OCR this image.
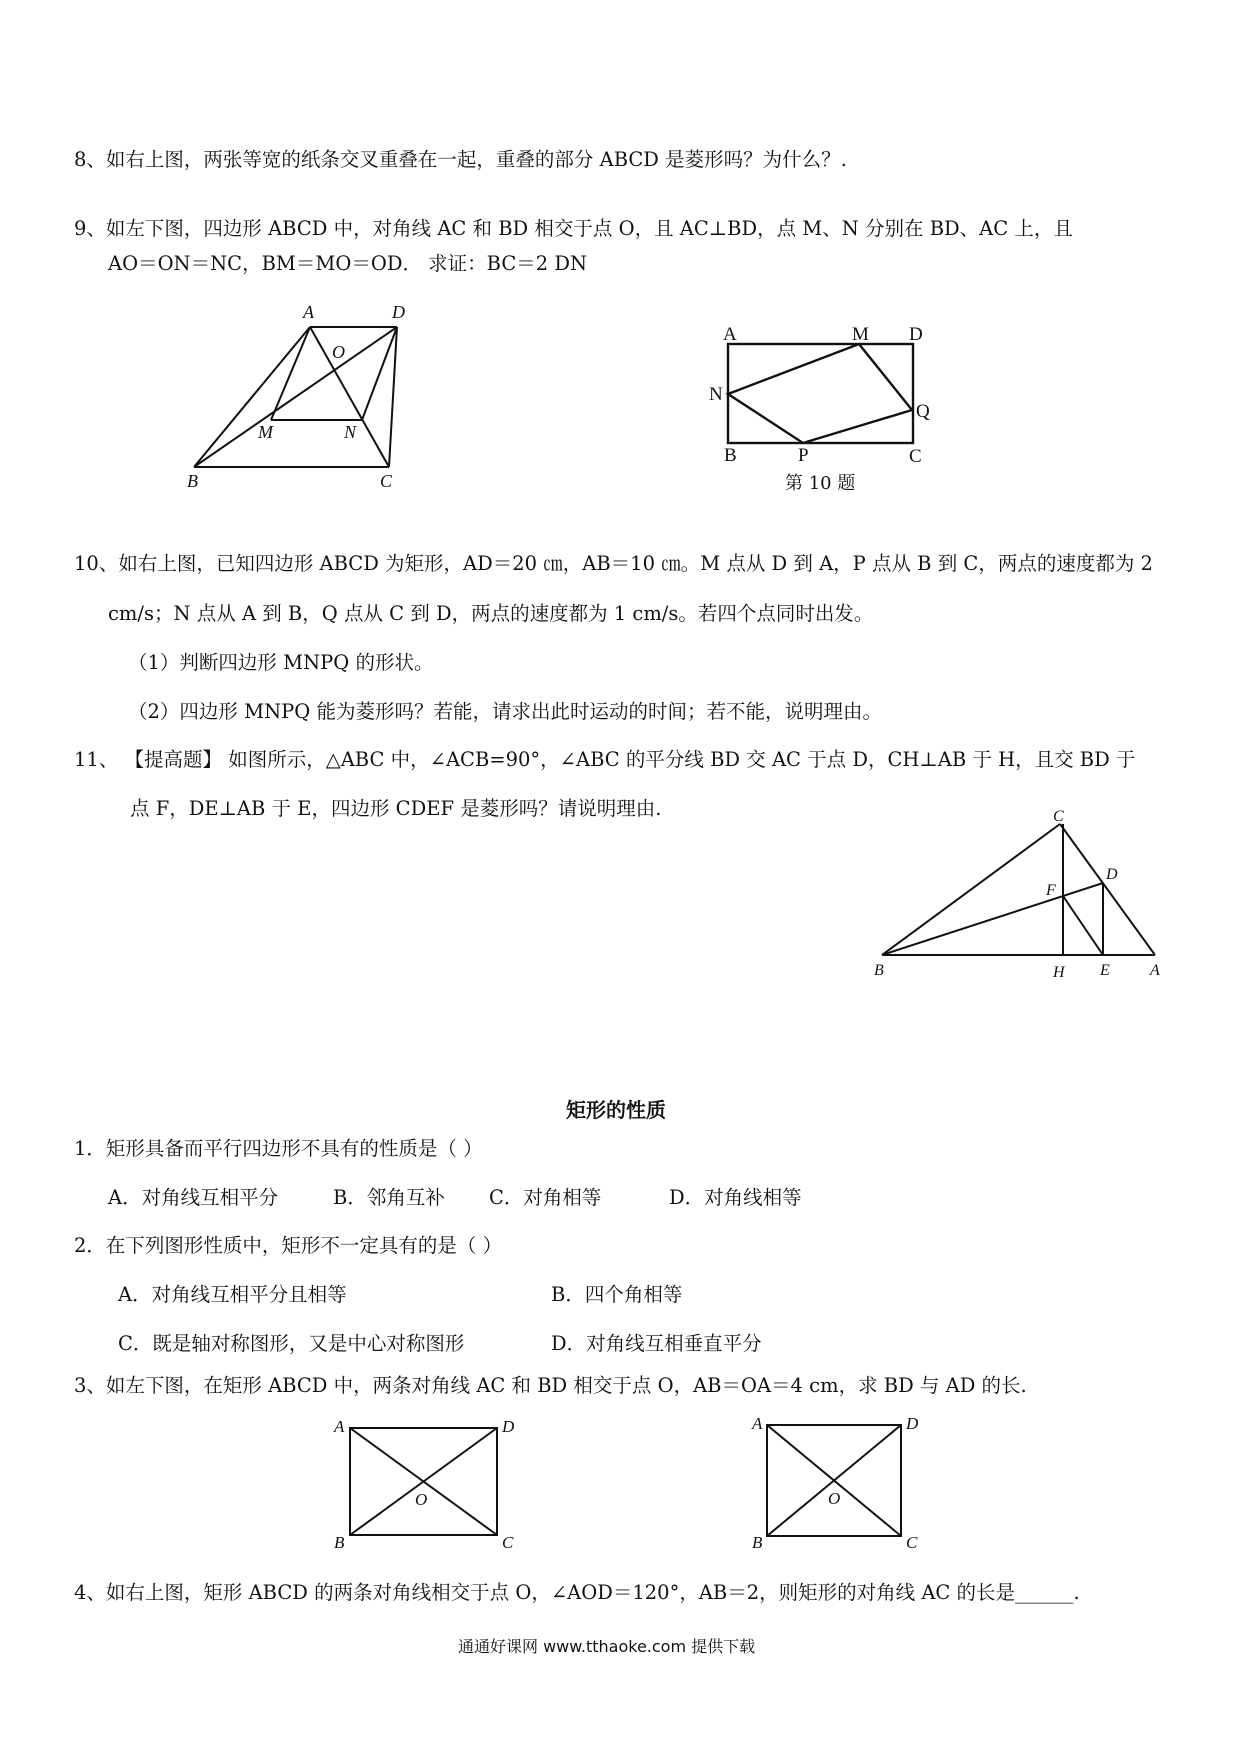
8、如右上图，两张等宽的纸条交叉重叠在一起，重叠的部分 ABCD 是菱形吗？为什么？.
9、如左下图，四边形 ABCD 中，对角线 AC 和 BD 相交于点 O，且 AC⊥BD，点 M、N 分别在 BD、AC 上，且
AO＝ON＝NC，BM＝MO＝OD． 求证：BC＝2 DN
A	D
O
M	N
B	C
A	M D
N
Q
B	P	C
第 10 题
10、如右上图，已知四边形 ABCD 为矩形，AD＝20 ㎝，AB＝10 ㎝。M 点从 D 到 A，P 点从 B 到 C，两点的速度都为 2
cm/s；N 点从 A 到 B，Q 点从 C 到 D，两点的速度都为 1 cm/s。若四个点同时出发。
（1）判断四边形 MNPQ 的形状。
（2）四边形 MNPQ 能为菱形吗？若能，请求出此时运动的时间；若不能，说明理由。
11、 【提高题】 如图所示，△ABC 中，∠ACB=90°，∠ABC 的平分线 BD 交 AC 于点 D，CH⊥AB 于 H，且交 BD 于
点 F，DE⊥AB 于 E，四边形 CDEF 是菱形吗？请说明理由.	C
D
F
B	H E	A
矩形的性质
1．矩形具备而平行四边形不具有的性质是（ ）
A．对角线互相平分	B．邻角互补 C．对角相等	D．对角线相等
2．在下列图形性质中，矩形不一定具有的是（ ）
A．对角线互相平分且相等	B．四个角相等
C．既是轴对称图形，又是中心对称图形	D．对角线互相垂直平分
3、如左下图，在矩形 ABCD 中，两条对角线 AC 和 BD 相交于点 O，AB＝OA＝4 cm，求 BD 与 AD 的长.
A	D
O
B	C
A	D
O
B	C
4、如右上图，矩形 ABCD 的两条对角线相交于点 O，∠AOD＝120°，AB＝2，则矩形的对角线 AC 的长是______.
通通好课网 www.tthaoke.com 提供下载
